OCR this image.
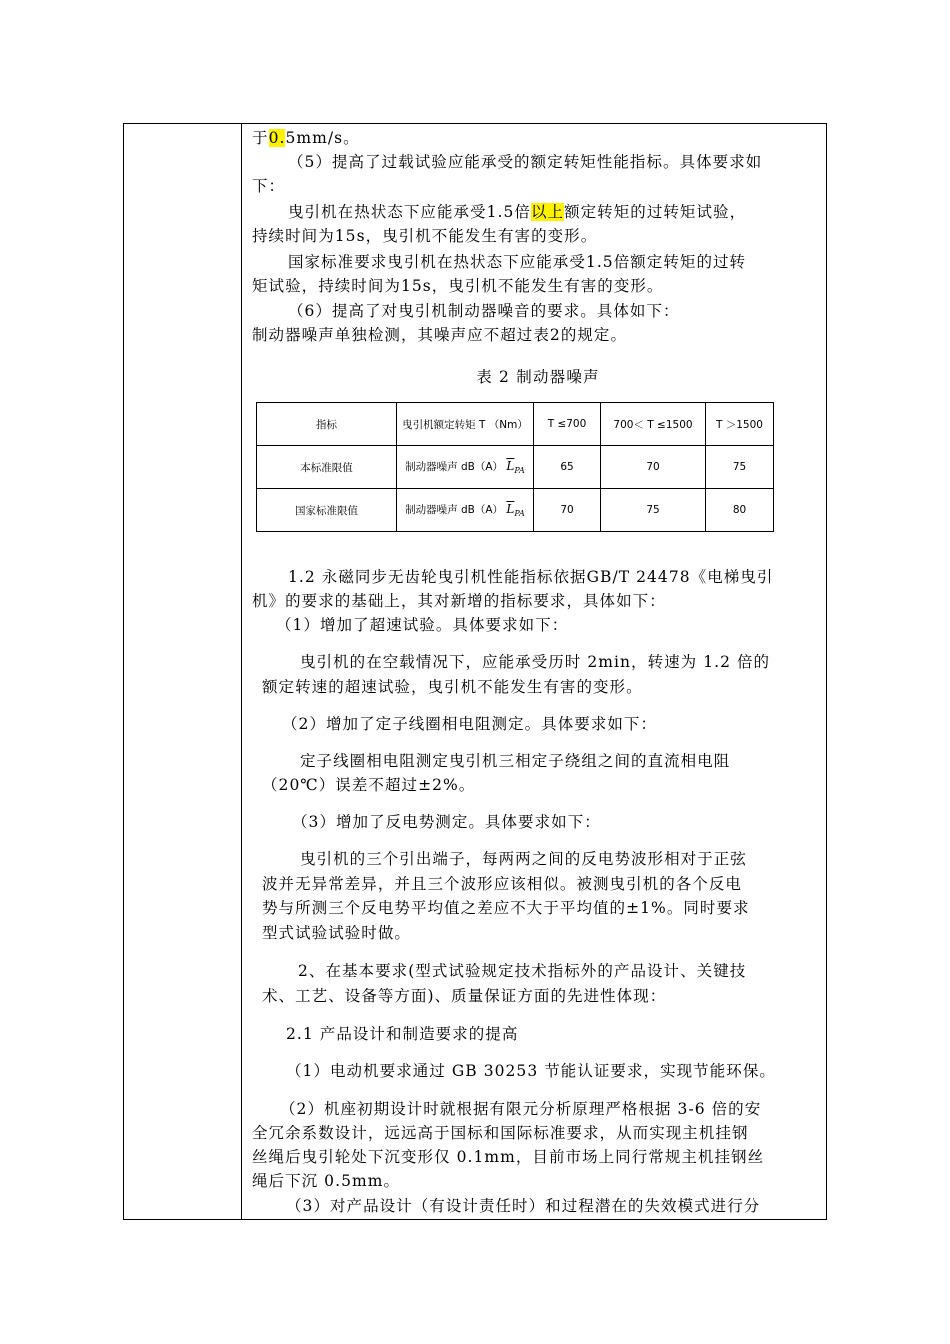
于0.5mm/s。
（5）提高了过载试验应能承受的额定转矩性能指标。具体要求如
下：
曳引机在热状态下应能承受1.5倍以上额定转矩的过转矩试验，
持续时间为15s，曳引机不能发生有害的变形。
国家标准要求曳引机在热状态下应能承受1.5倍额定转矩的过转
矩试验，持续时间为15s，曳引机不能发生有害的变形。
（6）提高了对曳引机制动器噪音的要求。具体如下：
制动器噪声单独检测，其噪声应不超过表2的规定。
表 2 制动器噪声
指标	曳引机额定转矩 T （Nm）	T ≤700	700＜ T ≤1500	T ＞1500
本标准限值	制动器噪声 dB（A） $\overline{L}_{PA}$	65	70	75
国家标准限值	制动器噪声 dB（A） $\overline{L}_{PA}$	70	75	80
1.2 永磁同步无齿轮曳引机性能指标依据GB/T 24478《电梯曳引
机》的要求的基础上，其对新增的指标要求，具体如下：
（1）增加了超速试验。具体要求如下：
曳引机的在空载情况下，应能承受历时 2min，转速为 1.2 倍的
额定转速的超速试验，曳引机不能发生有害的变形。
（2）增加了定子线圈相电阻测定。具体要求如下：
定子线圈相电阻测定曳引机三相定子绕组之间的直流相电阻
（20℃）误差不超过±2%。
（3）增加了反电势测定。具体要求如下：
曳引机的三个引出端子，每两两之间的反电势波形相对于正弦
波并无异常差异，并且三个波形应该相似。被测曳引机的各个反电
势与所测三个反电势平均值之差应不大于平均值的±1%。同时要求
型式试验试验时做。
2、在基本要求(型式试验规定技术指标外的产品设计、关键技
术、工艺、设备等方面)、质量保证方面的先进性体现：
2.1 产品设计和制造要求的提高
（1）电动机要求通过 GB 30253 节能认证要求，实现节能环保。
（2）机座初期设计时就根据有限元分析原理严格根据 3-6 倍的安
全冗余系数设计，远远高于国标和国际标准要求，从而实现主机挂钢
丝绳后曳引轮处下沉变形仅 0.1mm，目前市场上同行常规主机挂钢丝
绳后下沉 0.5mm。
（3）对产品设计（有设计责任时）和过程潜在的失效模式进行分
